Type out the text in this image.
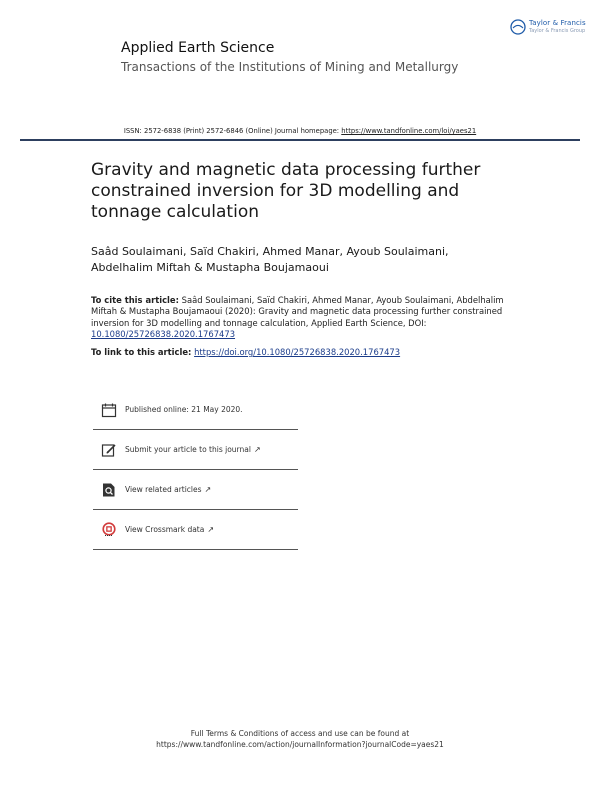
Taylor & Francis
Taylor & Francis Group
Applied Earth Science
Transactions of the Institutions of Mining and Metallurgy
ISSN: 2572-6838 (Print) 2572-6846 (Online) Journal homepage: https://www.tandfonline.com/loi/yaes21
Gravity and magnetic data processing further constrained inversion for 3D modelling and tonnage calculation
Saâd Soulaimani, Saïd Chakiri, Ahmed Manar, Ayoub Soulaimani, Abdelhalim Miftah & Mustapha Boujamaoui
To cite this article: Saâd Soulaimani, Saïd Chakiri, Ahmed Manar, Ayoub Soulaimani, Abdelhalim Miftah & Mustapha Boujamaoui (2020): Gravity and magnetic data processing further constrained inversion for 3D modelling and tonnage calculation, Applied Earth Science, DOI: 10.1080/25726838.2020.1767473
To link to this article: https://doi.org/10.1080/25726838.2020.1767473
Published online: 21 May 2020.
Submit your article to this journal ↗
View related articles ↗
View Crossmark data ↗
Full Terms & Conditions of access and use can be found at
https://www.tandfonline.com/action/journalInformation?journalCode=yaes21
